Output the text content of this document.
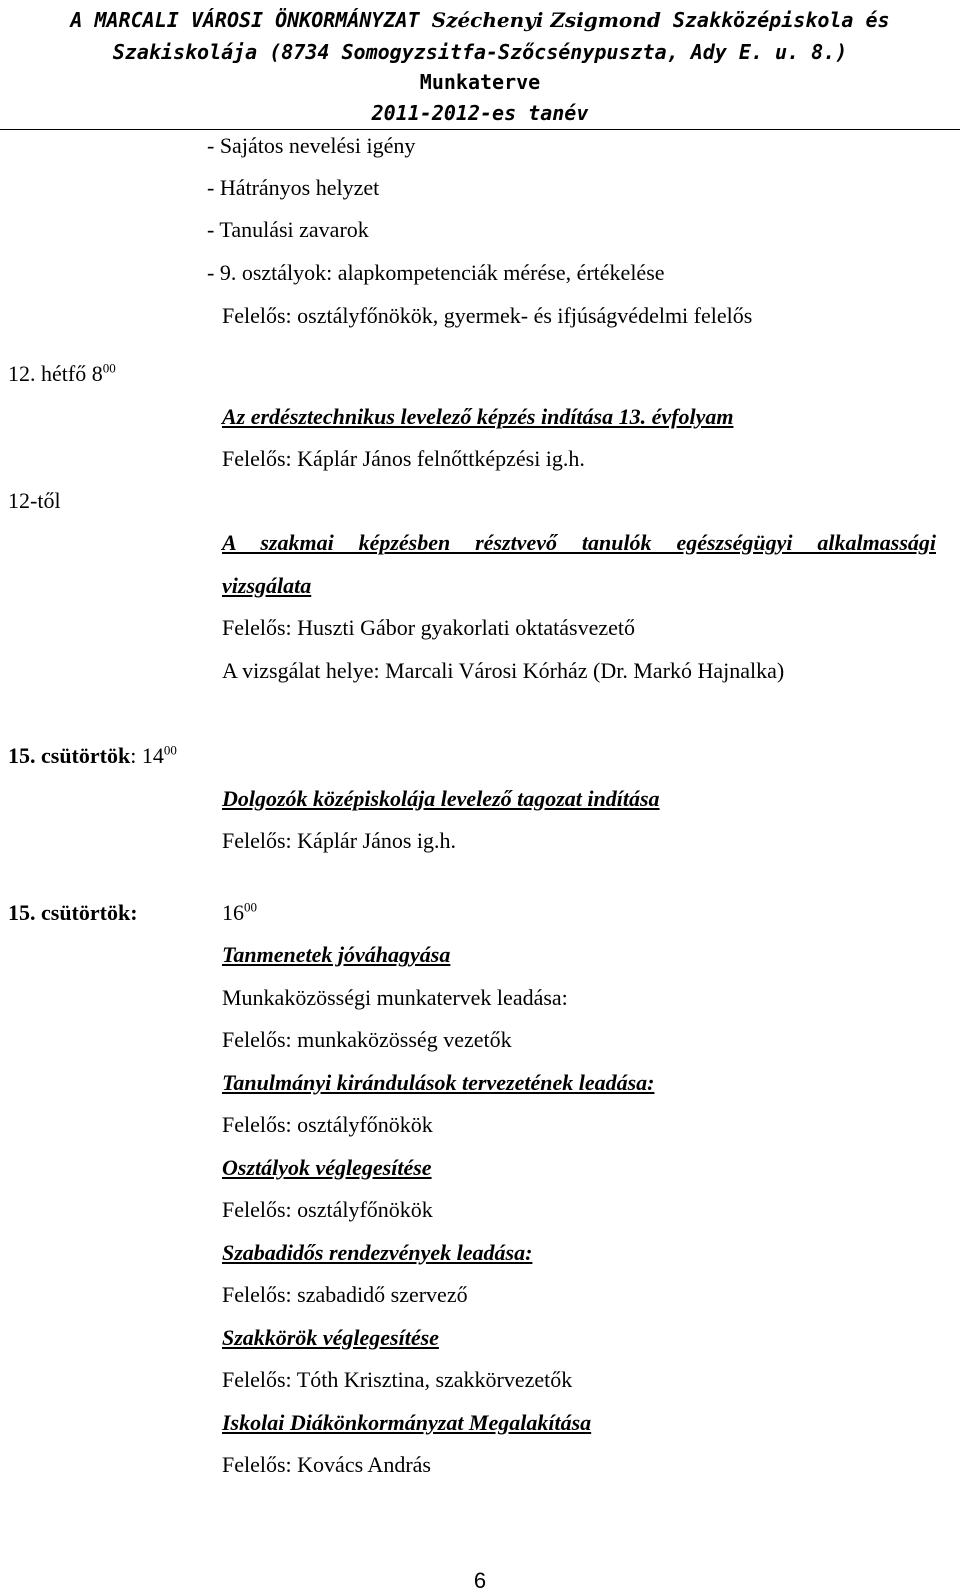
A MARCALI VÁROSI ÖNKORMÁNYZAT Széchenyi Zsigmond Szakközépiskola és
Szakiskolája (8734 Somogyzsitfa-Szőcsénypuszta, Ady E. u. 8.)
Munkaterve
2011-2012-es tanév
- Sajátos nevelési igény
- Hátrányos helyzet
- Tanulási zavarok
- 9. osztályok: alapkompetenciák mérése, értékelése
Felelős: osztályfőnökök, gyermek- és ifjúságvédelmi felelős
12. hétfő $8^{00}$
Az erdésztechnikus levelező képzés indítása 13. évfolyam
Felelős: Káplár János felnőttképzési ig.h.
12-től
A szakmai képzésben résztvevő tanulók egészségügyi alkalmassági
vizsgálata
Felelős: Huszti Gábor gyakorlati oktatásvezető
A vizsgálat helye: Marcali Városi Kórház (Dr. Markó Hajnalka)
15. csütörtök: $14^{00}$
Dolgozók középiskolája levelező tagozat indítása
Felelős: Káplár János ig.h.
15. csütörtök:	$16^{00}$
Tanmenetek jóváhagyása
Munkaközösségi munkatervek leadása:
Felelős: munkaközösség vezetők
Tanulmányi kirándulások tervezetének leadása:
Felelős: osztályfőnökök
Osztályok véglegesítése
Felelős: osztályfőnökök
Szabadidős rendezvények leadása:
Felelős: szabadidő szervező
Szakkörök véglegesítése
Felelős: Tóth Krisztina, szakkörvezetők
Iskolai Diákönkormányzat Megalakítása
Felelős: Kovács András
6
